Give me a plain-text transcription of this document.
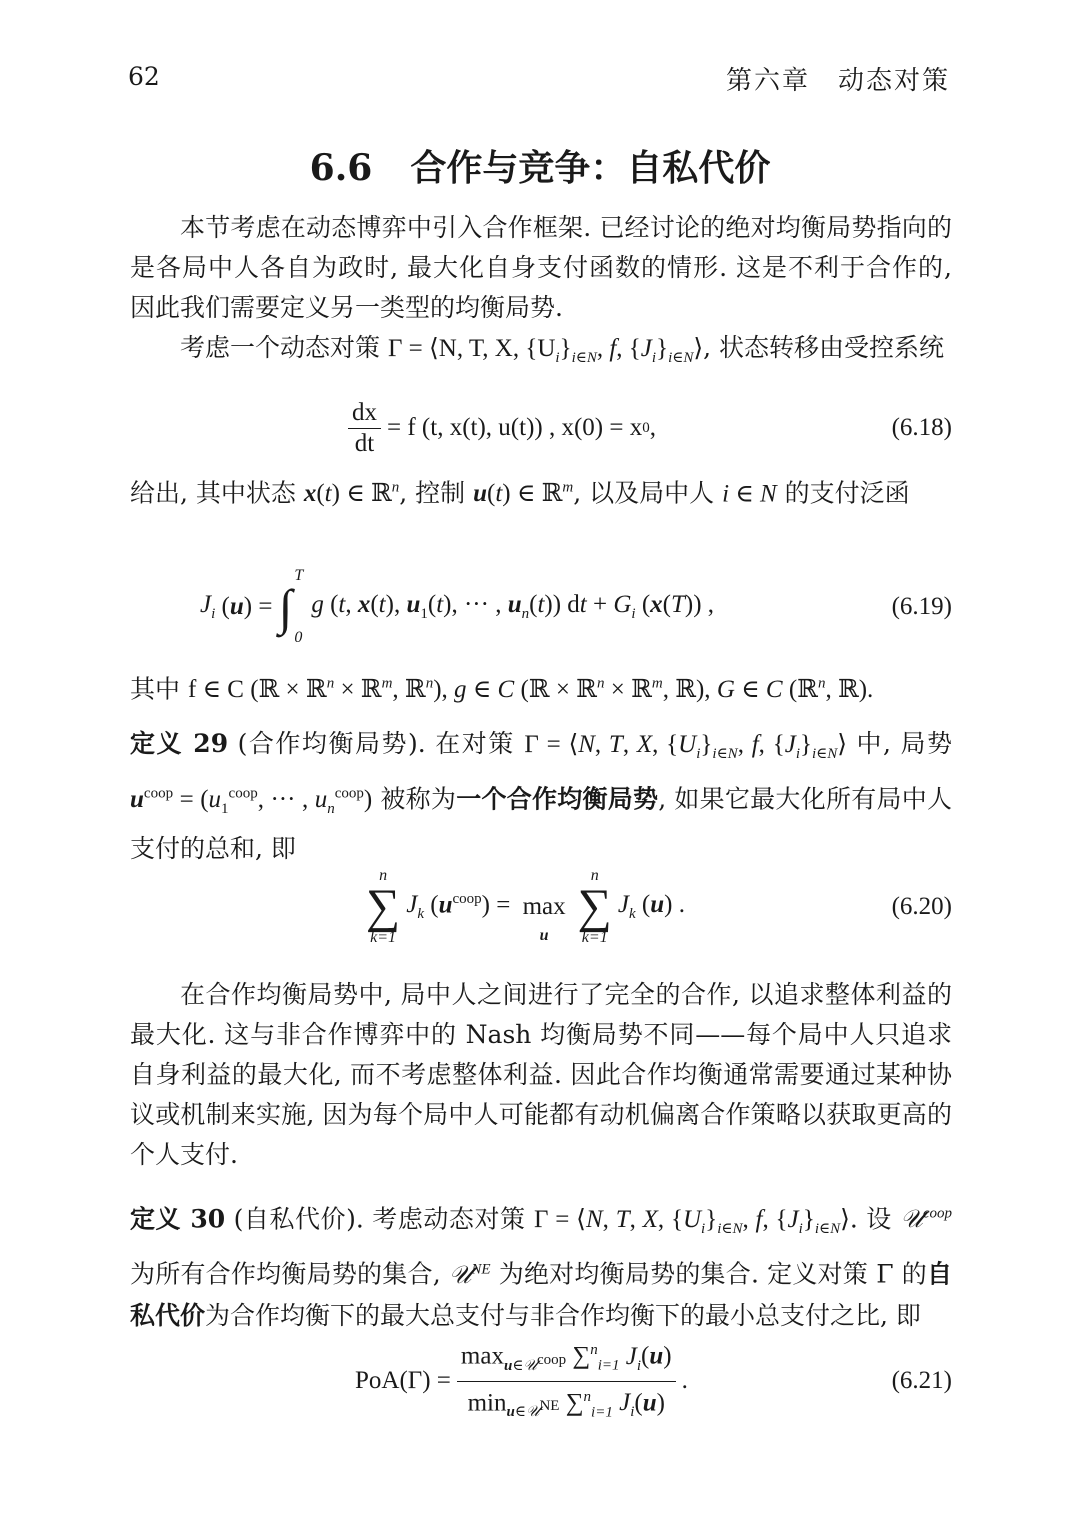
62	第六章　动态对策
6.6 合作与竞争：自私代价
本节考虑在动态博弈中引入合作框架. 已经讨论的绝对均衡局势指向的是各局中人各自为政时, 最大化自身支付函数的情形. 这是不利于合作的, 因此我们需要定义另一类型的均衡局势.
考虑一个动态对策 Γ = ⟨N, T, X, $\{U_i\}_{i\in N}$, f, $\{J_i\}_{i\in N}⟩$, 状态转移由受控系统
$\frac{dx}{dt} = f$ (t, x(t), u(t)) , x(0) = x 0 ,	(6.18)
给出, 其中状态 x(t) ∈ ℝ$^n$, 控制 u(t) ∈ ℝ$^m$, 以及局中人 i ∈ N 的支付泛函
$J_i$ ( u ) = ∫
T
0
g (t, x(t), $u_1(t)$, ··· , $u_n(t)$) dt + $G_i$ (x(T)) ,	(6.19)
其中 f ∈ C (ℝ × ℝ$^n$ × ℝ$^m$, ℝ$^n$), g ∈ C (ℝ × ℝ$^n$ × ℝ$^m$, ℝ), G ∈ C (ℝ$^n$, ℝ).
定义 29 (合作均衡局势). 在对策 Γ = ⟨N, T, X, $\{U_i\}_{i\in N}$, f, $\{J_i\}_{i\in N}⟩$ 中, 局势 $u^{coop} = (u_1^{coop}$, ··· , $u_n^{coop}$) 被称为一个合作均衡局势, 如果它最大化所有局中人支付的总和, 即
n
∑
k=1
$J_k$ $(u^{coop})$ =
max
u
n
∑
k=1
$J_k$ (u) .	(6.20)
在合作均衡局势中, 局中人之间进行了完全的合作, 以追求整体利益的最大化. 这与非合作博弈中的 Nash 均衡局势不同——每个局中人只追求自身利益的最大化, 而不考虑整体利益. 因此合作均衡通常需要通过某种协议或机制来实施, 因为每个局中人可能都有动机偏离合作策略以获取更高的个人支付.
定义 30 (自私代价). 考虑动态对策 Γ = ⟨N, T, X, $\{U_i\}_{i\in N}$, f, $\{J_i\}_{i\in N}⟩$. 设 𝒰$^{coop}$ 为所有合作均衡局势的集合, 𝒰$^{NE}$ 为绝对均衡局势的集合. 定义对策 Γ 的自私代价为合作均衡下的最大总支付与非合作均衡下的最小总支付之比, 即
$PoA(\Gamma) = \frac{\max_{u\in 𝒰^{coop}} \sum^n_{i=1} J_i(u)}{\min_{u\in 𝒰^{NE}} \sum^n_{i=1} J_i(u)}$ .	(6.21)
